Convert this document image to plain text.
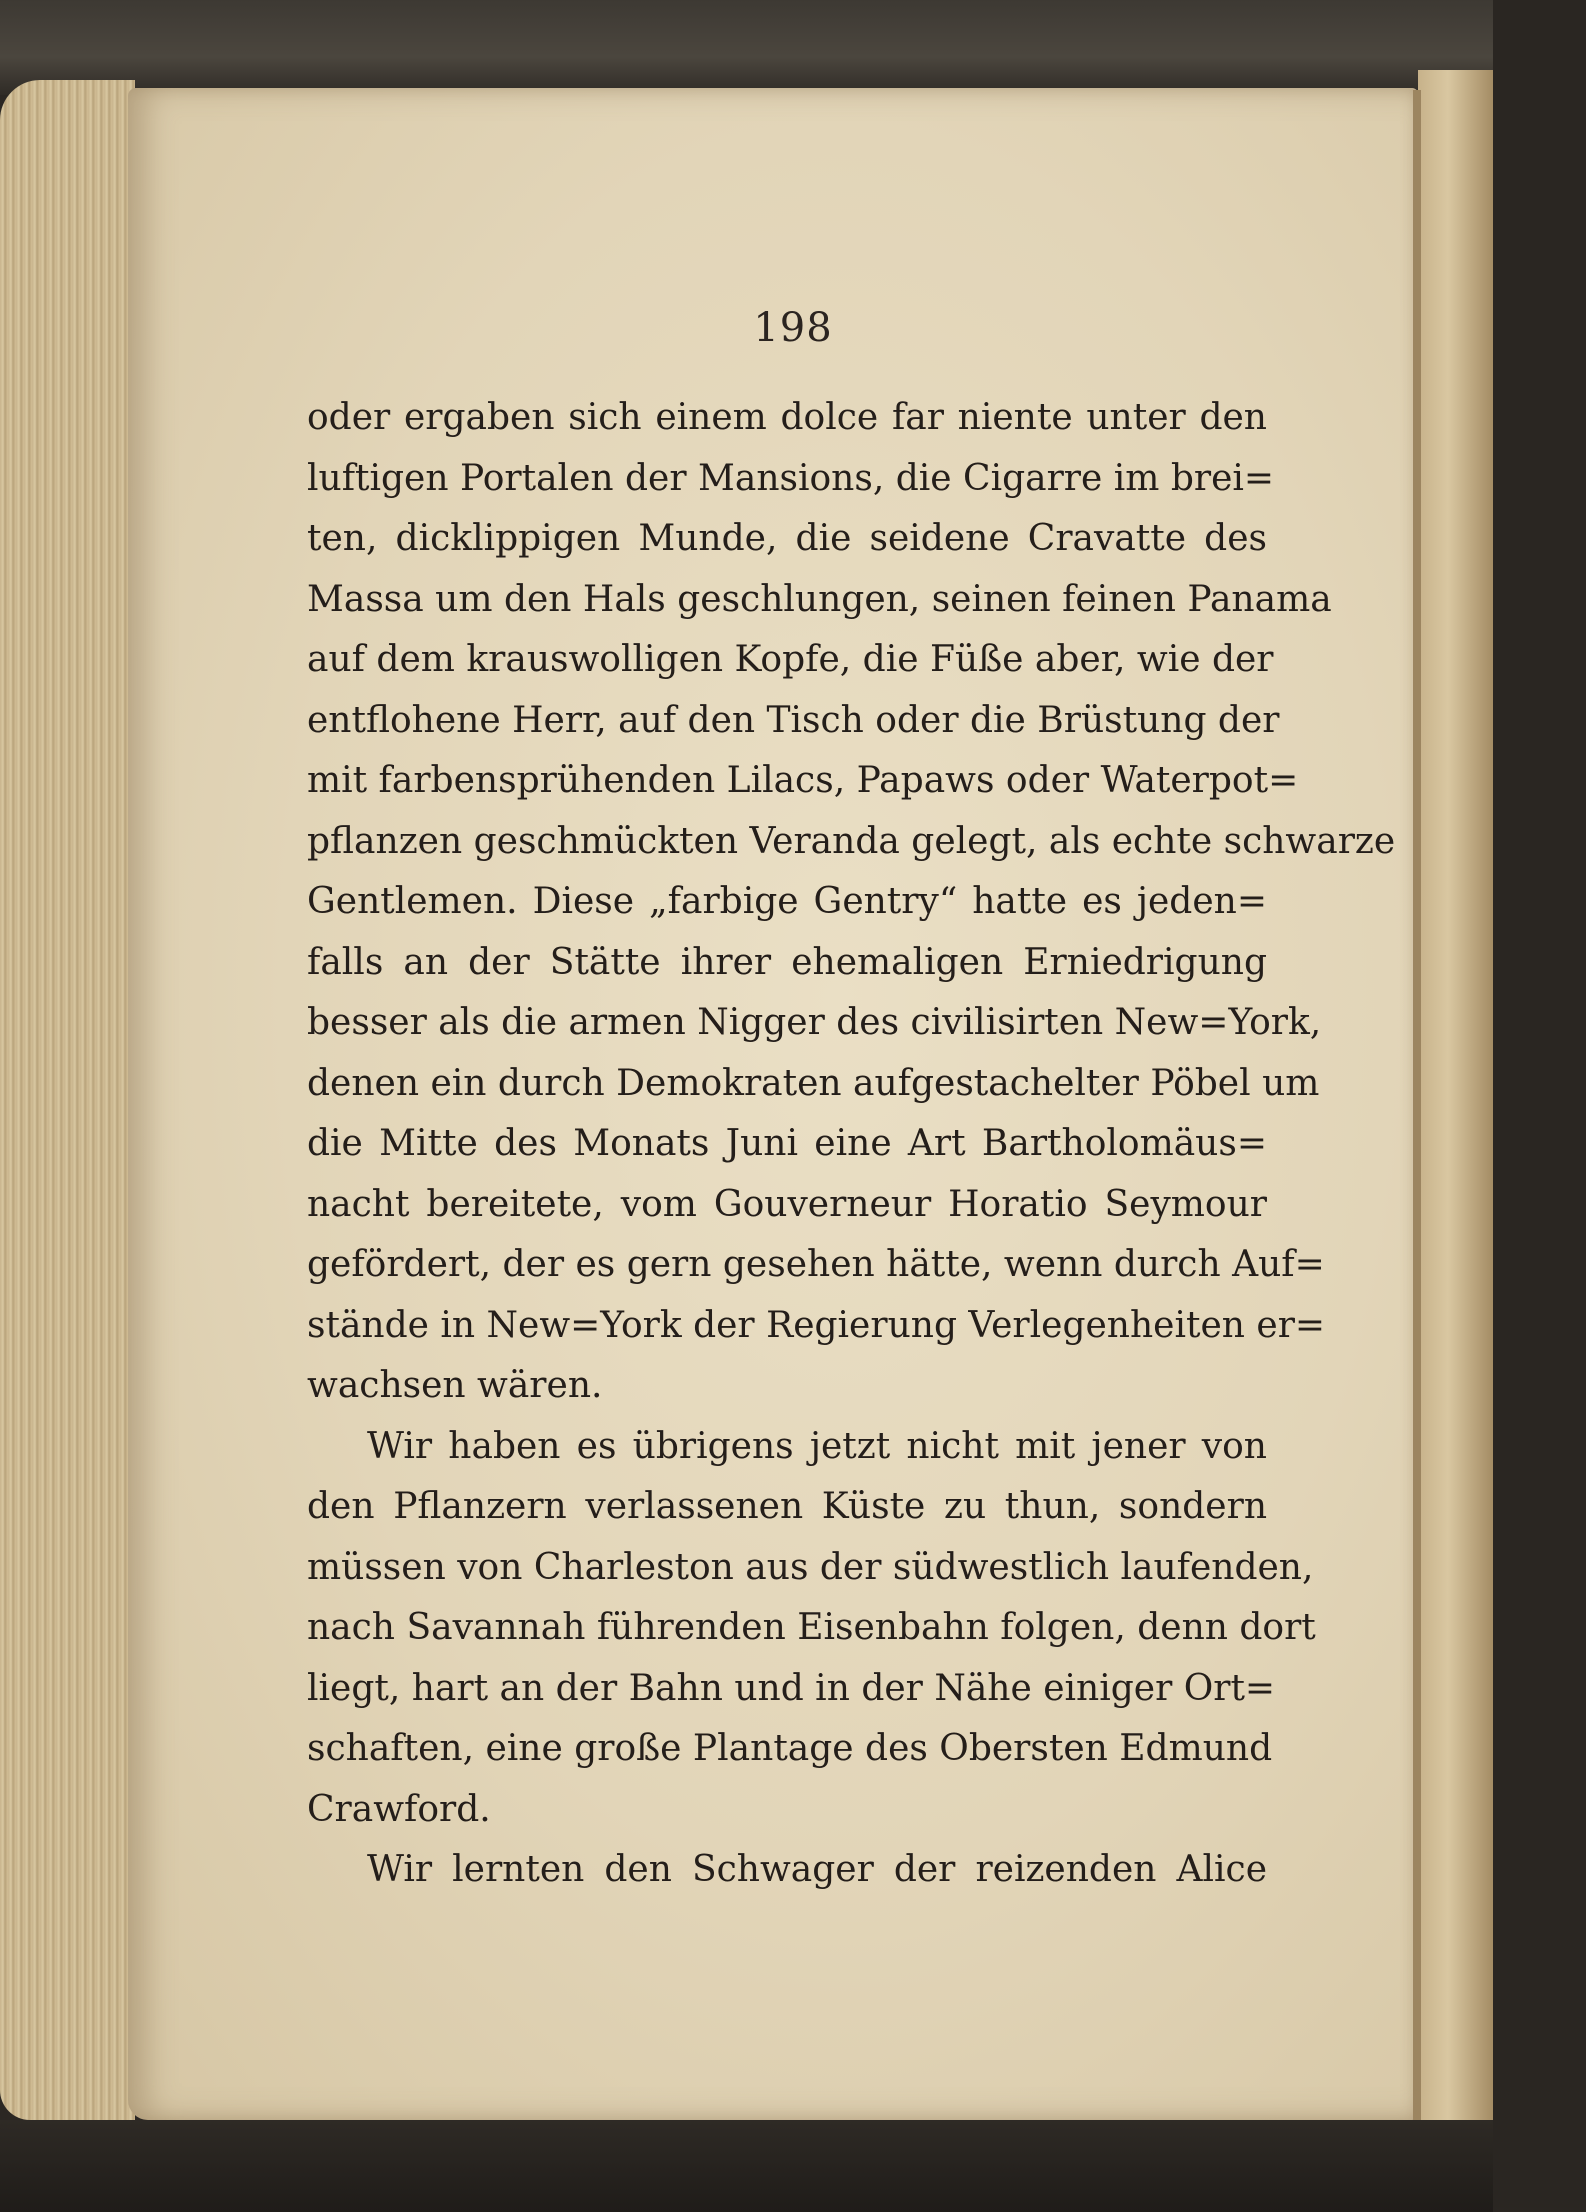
198
oder ergaben sich einem dolce far niente unter den
luftigen Portalen der Mansions, die Cigarre im brei=
ten, dicklippigen Munde, die seidene Cravatte des
Massa um den Hals geschlungen, seinen feinen Panama
auf dem krauswolligen Kopfe, die Füße aber, wie der
entflohene Herr, auf den Tisch oder die Brüstung der
mit farbensprühenden Lilacs, Papaws oder Waterpot=
pflanzen geschmückten Veranda gelegt, als echte schwarze
Gentlemen. Diese „farbige Gentry“ hatte es jeden=
falls an der Stätte ihrer ehemaligen Erniedrigung
besser als die armen Nigger des civilisirten New=York,
denen ein durch Demokraten aufgestachelter Pöbel um
die Mitte des Monats Juni eine Art Bartholomäus=
nacht bereitete, vom Gouverneur Horatio Seymour
gefördert, der es gern gesehen hätte, wenn durch Auf=
stände in New=York der Regierung Verlegenheiten er=
wachsen wären.
Wir haben es übrigens jetzt nicht mit jener von
den Pflanzern verlassenen Küste zu thun, sondern
müssen von Charleston aus der südwestlich laufenden,
nach Savannah führenden Eisenbahn folgen, denn dort
liegt, hart an der Bahn und in der Nähe einiger Ort=
schaften, eine große Plantage des Obersten Edmund
Crawford.
Wir lernten den Schwager der reizenden Alice
